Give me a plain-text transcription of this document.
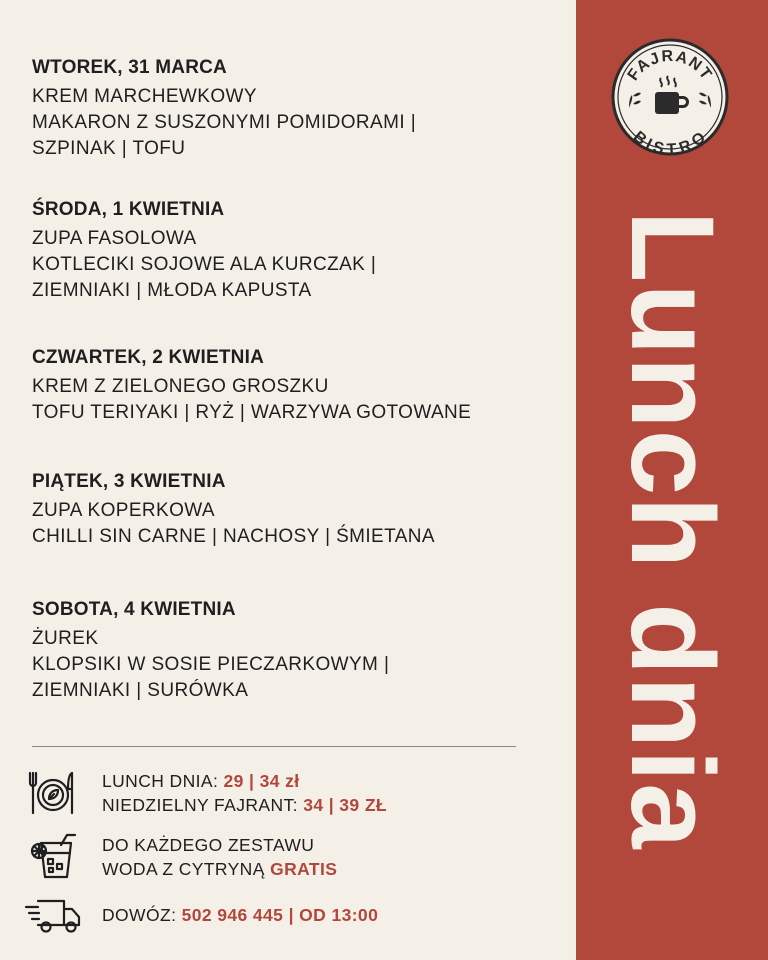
WTOREK, 31 MARCA
KREM MARCHEWKOWY
MAKARON Z SUSZONYMI POMIDORAMI |
SZPINAK | TOFU
ŚRODA, 1 KWIETNIA
ZUPA FASOLOWA
KOTLECIKI SOJOWE ALA KURCZAK |
ZIEMNIAKI | MŁODA KAPUSTA
CZWARTEK, 2 KWIETNIA
KREM Z ZIELONEGO GROSZKU
TOFU TERIYAKI | RYŻ | WARZYWA GOTOWANE
PIĄTEK, 3 KWIETNIA
ZUPA KOPERKOWA
CHILLI SIN CARNE | NACHOSY | ŚMIETANA
SOBOTA, 4 KWIETNIA
ŻUREK
KLOPSIKI W SOSIE PIECZARKOWYM |
ZIEMNIAKI | SURÓWKA
LUNCH DNIA: 29 | 34 zł
NIEDZIELNY FAJRANT: 34 | 39 ZŁ
DO KAŻDEGO ZESTAWU
WODA Z CYTRYNĄ GRATIS
DOWÓZ: 502 946 445 | OD 13:00
FAJRANT
BISTRO
Lunch dnia
